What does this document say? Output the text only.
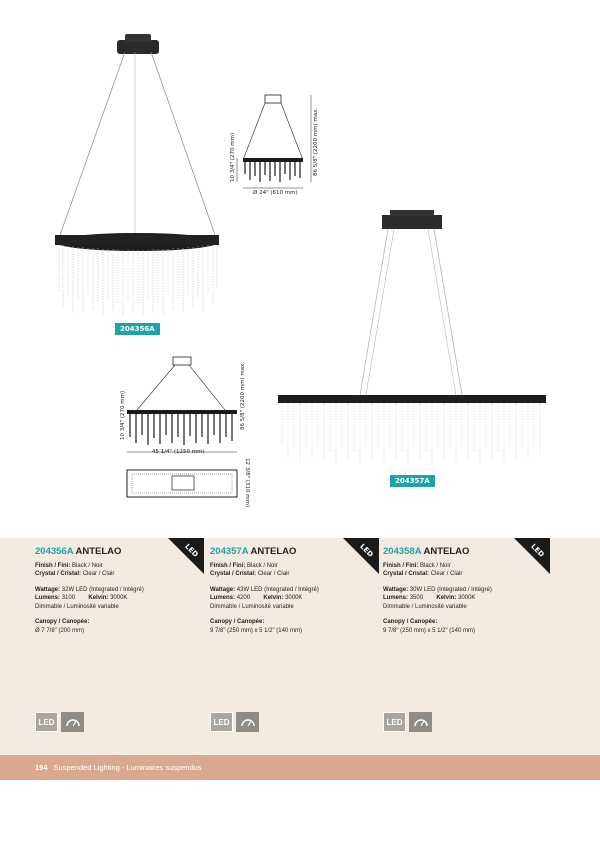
204356A
10 3/4" (270 mm)	86 5/8" (2200 mm) max.
Ø 24" (610 mm)
10 3/4" (270 mm)	86 5/8" (2200 mm) max.
45 1/4" (1150 mm)
12 3/8" (310 mm)	204357A
204356A ANTELAO
Finish / Fini: Black / Noir
Crystal / Cristal: Clear / Clair
Wattage: 32W LED (Integrated / Intégré)
Lumens: 3100 Kelvin: 3000K
Dimmable / Luminosité variable
Canopy / Canopée:
Ø 7 7/8" (200 mm)
204357A ANTELAO
Finish / Fini: Black / Noir
Crystal / Cristal: Clear / Clair
Wattage: 43W LED (Integrated / Intégré)
Lumens: 4200 Kelvin: 3000K
Dimmable / Luminosité variable
Canopy / Canopée:
9 7/8" (250 mm) x 5 1/2" (140 mm)
204358A ANTELAO
Finish / Fini: Black / Noir
Crystal / Cristal: Clear / Clair
Wattage: 30W LED (Integrated / Intégré)
Lumens: 3500 Kelvin: 3000K
Dimmable / Luminosité variable
Canopy / Canopée:
9 7/8" (250 mm) x 5 1/2" (140 mm)
LED	LED	LED
LED	LED	LED
194 Suspended Lighting - Luminaires suspendus
